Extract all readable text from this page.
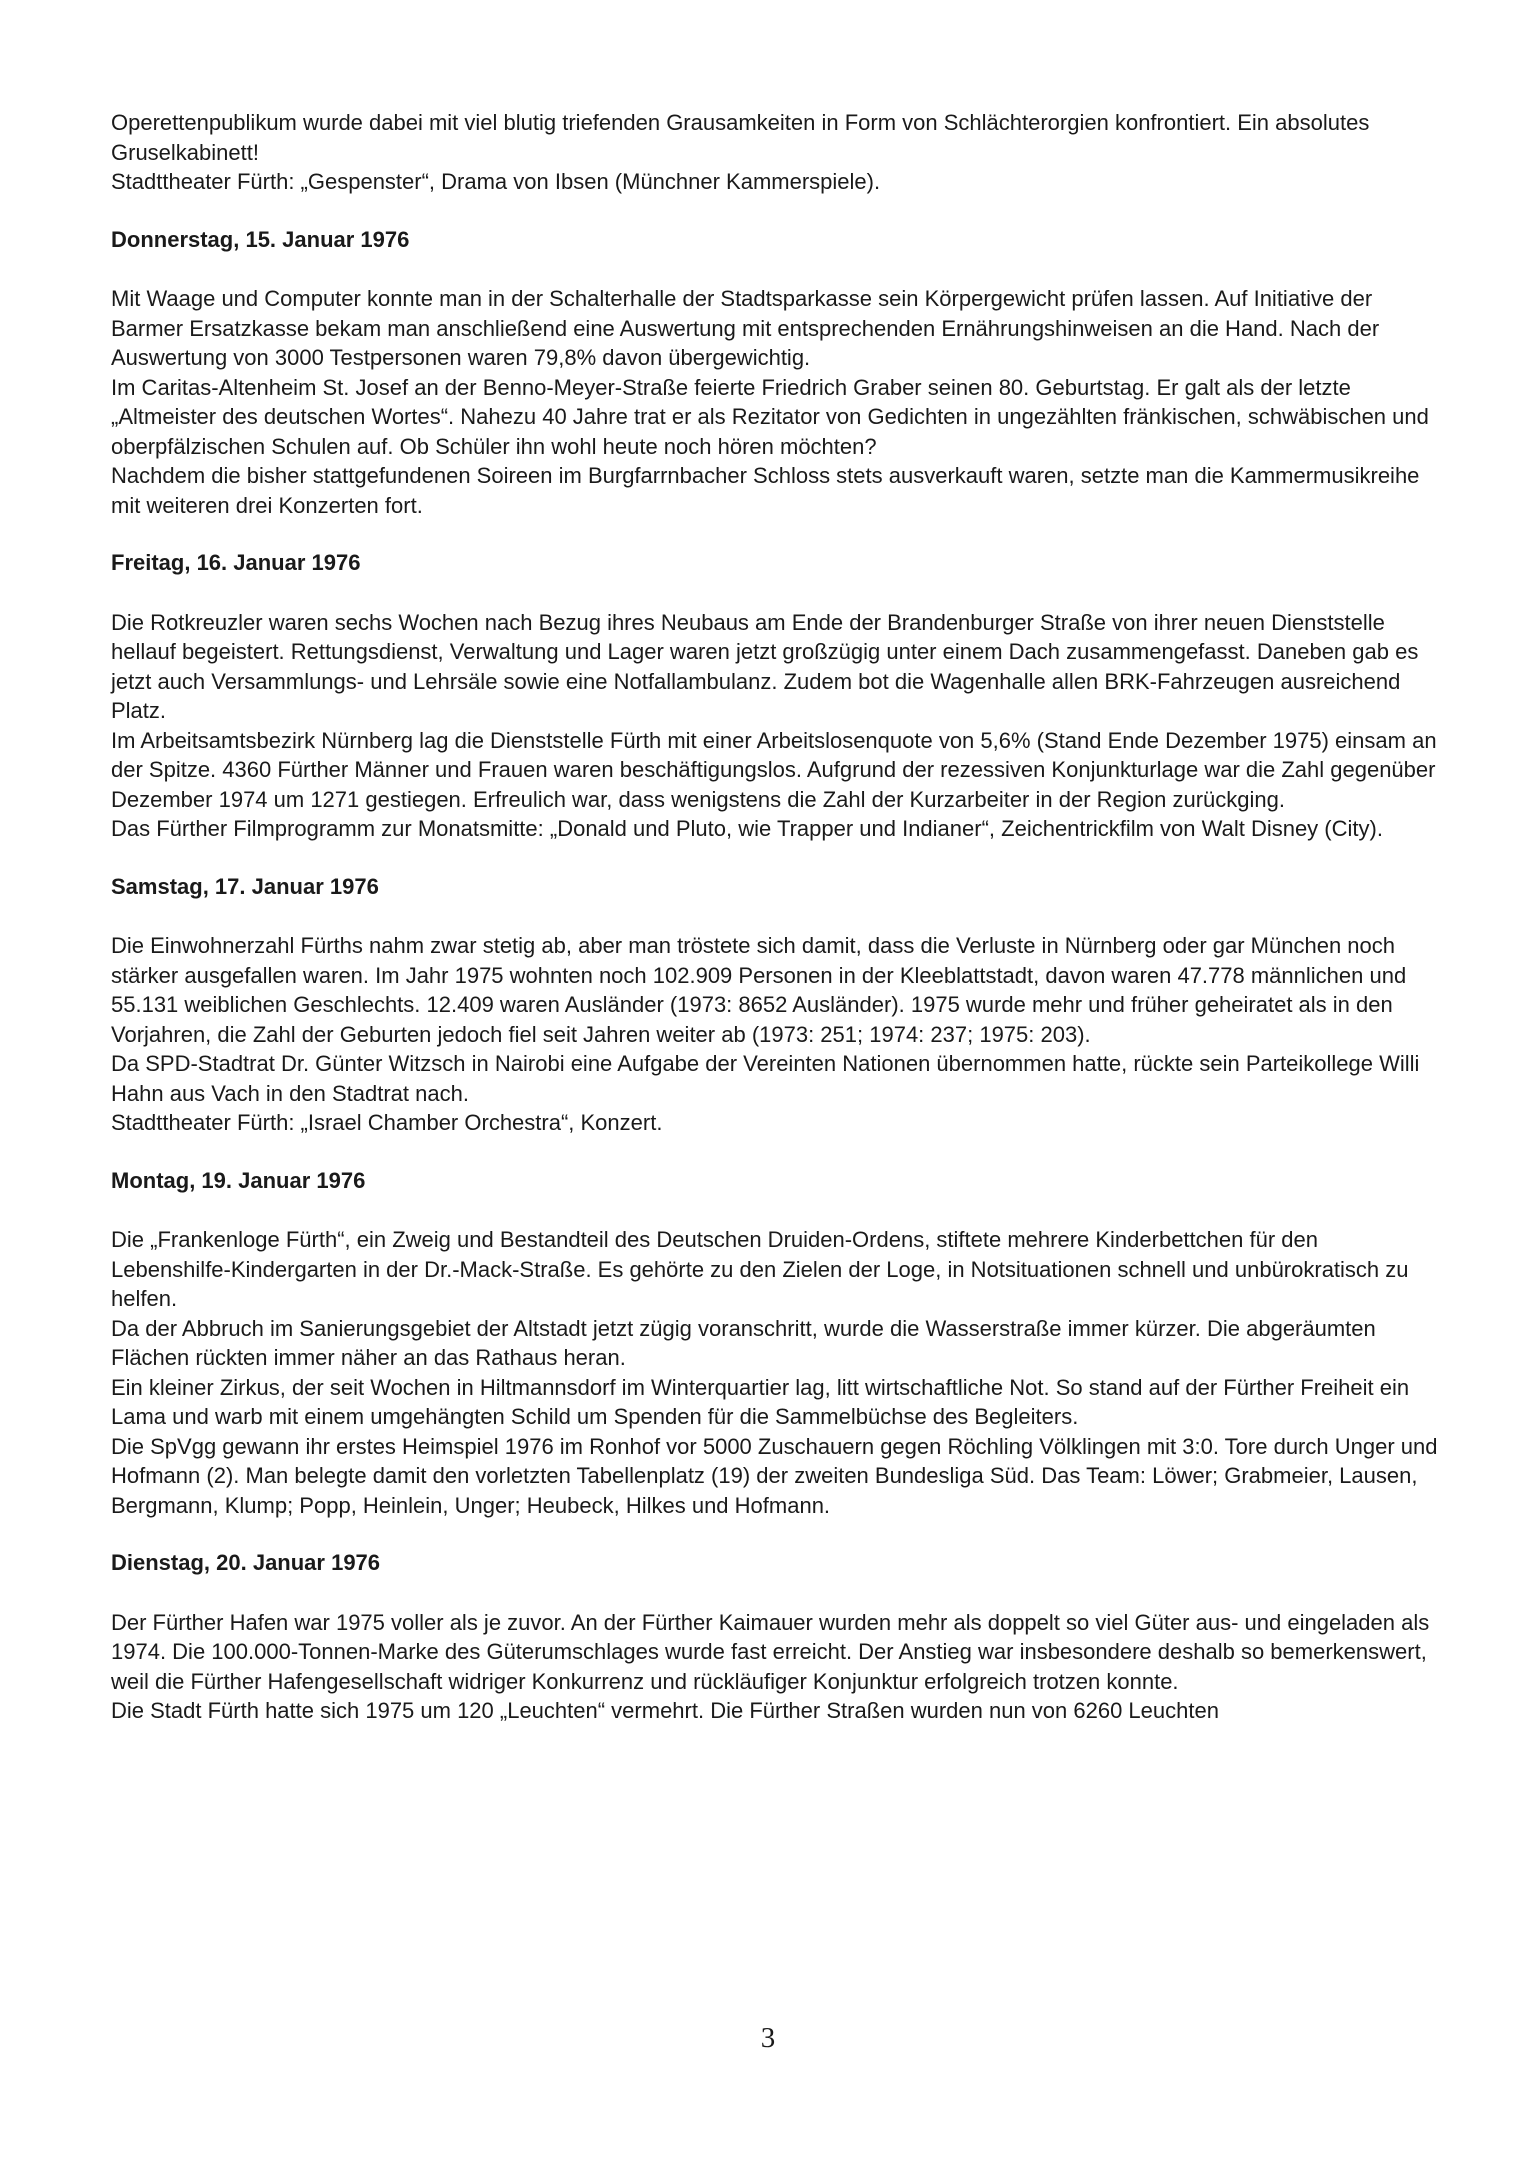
Operettenpublikum wurde dabei mit viel blutig triefenden Grausamkeiten in Form von Schlächterorgien konfrontiert. Ein absolutes Gruselkabinett!

Stadttheater Fürth: „Gespenster“, Drama von Ibsen (Münchner Kammerspiele).

Donnerstag, 15. Januar 1976

Mit Waage und Computer konnte man in der Schalterhalle der Stadtsparkasse sein Körpergewicht prüfen lassen. Auf Initiative der Barmer Ersatzkasse bekam man anschließend eine Auswertung mit entsprechenden Ernährungshinweisen an die Hand. Nach der Auswertung von 3000 Testpersonen waren 79,8% davon übergewichtig.

Im Caritas-Altenheim St. Josef an der Benno-Meyer-Straße feierte Friedrich Graber seinen 80. Geburtstag. Er galt als der letzte „Altmeister des deutschen Wortes“. Nahezu 40 Jahre trat er als Rezitator von Gedichten in ungezählten fränkischen, schwäbischen und oberpfälzischen Schulen auf. Ob Schüler ihn wohl heute noch hören möchten?

Nachdem die bisher stattgefundenen Soireen im Burgfarrnbacher Schloss stets ausverkauft waren, setzte man die Kammermusikreihe mit weiteren drei Konzerten fort.

Freitag, 16. Januar 1976

Die Rotkreuzler waren sechs Wochen nach Bezug ihres Neubaus am Ende der Brandenburger Straße von ihrer neuen Dienststelle hellauf begeistert. Rettungsdienst, Verwaltung und Lager waren jetzt großzügig unter einem Dach zusammengefasst. Daneben gab es jetzt auch Versammlungs- und Lehrsäle sowie eine Notfallambulanz. Zudem bot die Wagenhalle allen BRK-Fahrzeugen ausreichend Platz.

Im Arbeitsamtsbezirk Nürnberg lag die Dienststelle Fürth mit einer Arbeitslosenquote von 5,6% (Stand Ende Dezember 1975) einsam an der Spitze. 4360 Fürther Männer und Frauen waren beschäftigungslos. Aufgrund der rezessiven Konjunkturlage war die Zahl gegenüber Dezember 1974 um 1271 gestiegen. Erfreulich war, dass wenigstens die Zahl der Kurzarbeiter in der Region zurückging.

Das Fürther Filmprogramm zur Monatsmitte: „Donald und Pluto, wie Trapper und Indianer“, Zeichentrickfilm von Walt Disney (City).

Samstag, 17. Januar 1976

Die Einwohnerzahl Fürths nahm zwar stetig ab, aber man tröstete sich damit, dass die Verluste in Nürnberg oder gar München noch stärker ausgefallen waren. Im Jahr 1975 wohnten noch 102.909 Personen in der Kleeblattstadt, davon waren 47.778 männlichen und 55.131 weiblichen Geschlechts. 12.409 waren Ausländer (1973: 8652 Ausländer). 1975 wurde mehr und früher geheiratet als in den Vorjahren, die Zahl der Geburten jedoch fiel seit Jahren weiter ab (1973: 251; 1974: 237; 1975: 203).

Da SPD-Stadtrat Dr. Günter Witzsch in Nairobi eine Aufgabe der Vereinten Nationen übernommen hatte, rückte sein Parteikollege Willi Hahn aus Vach in den Stadtrat nach.

Stadttheater Fürth: „Israel Chamber Orchestra“, Konzert.

Montag, 19. Januar 1976

Die „Frankenloge Fürth“, ein Zweig und Bestandteil des Deutschen Druiden-Ordens, stiftete mehrere Kinderbettchen für den Lebenshilfe-Kindergarten in der Dr.-Mack-Straße. Es gehörte zu den Zielen der Loge, in Notsituationen schnell und unbürokratisch zu helfen.

Da der Abbruch im Sanierungsgebiet der Altstadt jetzt zügig voranschritt, wurde die Wasserstraße immer kürzer. Die abgeräumten Flächen rückten immer näher an das Rathaus heran.

Ein kleiner Zirkus, der seit Wochen in Hiltmannsdorf im Winterquartier lag, litt wirtschaftliche Not. So stand auf der Fürther Freiheit ein Lama und warb mit einem umgehängten Schild um Spenden für die Sammelbüchse des Begleiters.

Die SpVgg gewann ihr erstes Heimspiel 1976 im Ronhof vor 5000 Zuschauern gegen Röchling Völklingen mit 3:0. Tore durch Unger und Hofmann (2). Man belegte damit den vorletzten Tabellenplatz (19) der zweiten Bundesliga Süd. Das Team: Löwer; Grabmeier, Lausen, Bergmann, Klump; Popp, Heinlein, Unger; Heubeck, Hilkes und Hofmann.

Dienstag, 20. Januar 1976

Der Fürther Hafen war 1975 voller als je zuvor. An der Fürther Kaimauer wurden mehr als doppelt so viel Güter aus- und eingeladen als 1974. Die 100.000-Tonnen-Marke des Güterumschlages wurde fast erreicht. Der Anstieg war insbesondere deshalb so bemerkenswert, weil die Fürther Hafengesellschaft widriger Konkurrenz und rückläufiger Konjunktur erfolgreich trotzen konnte.

Die Stadt Fürth hatte sich 1975 um 120 „Leuchten“ vermehrt. Die Fürther Straßen wurden nun von 6260 Leuchten

3
